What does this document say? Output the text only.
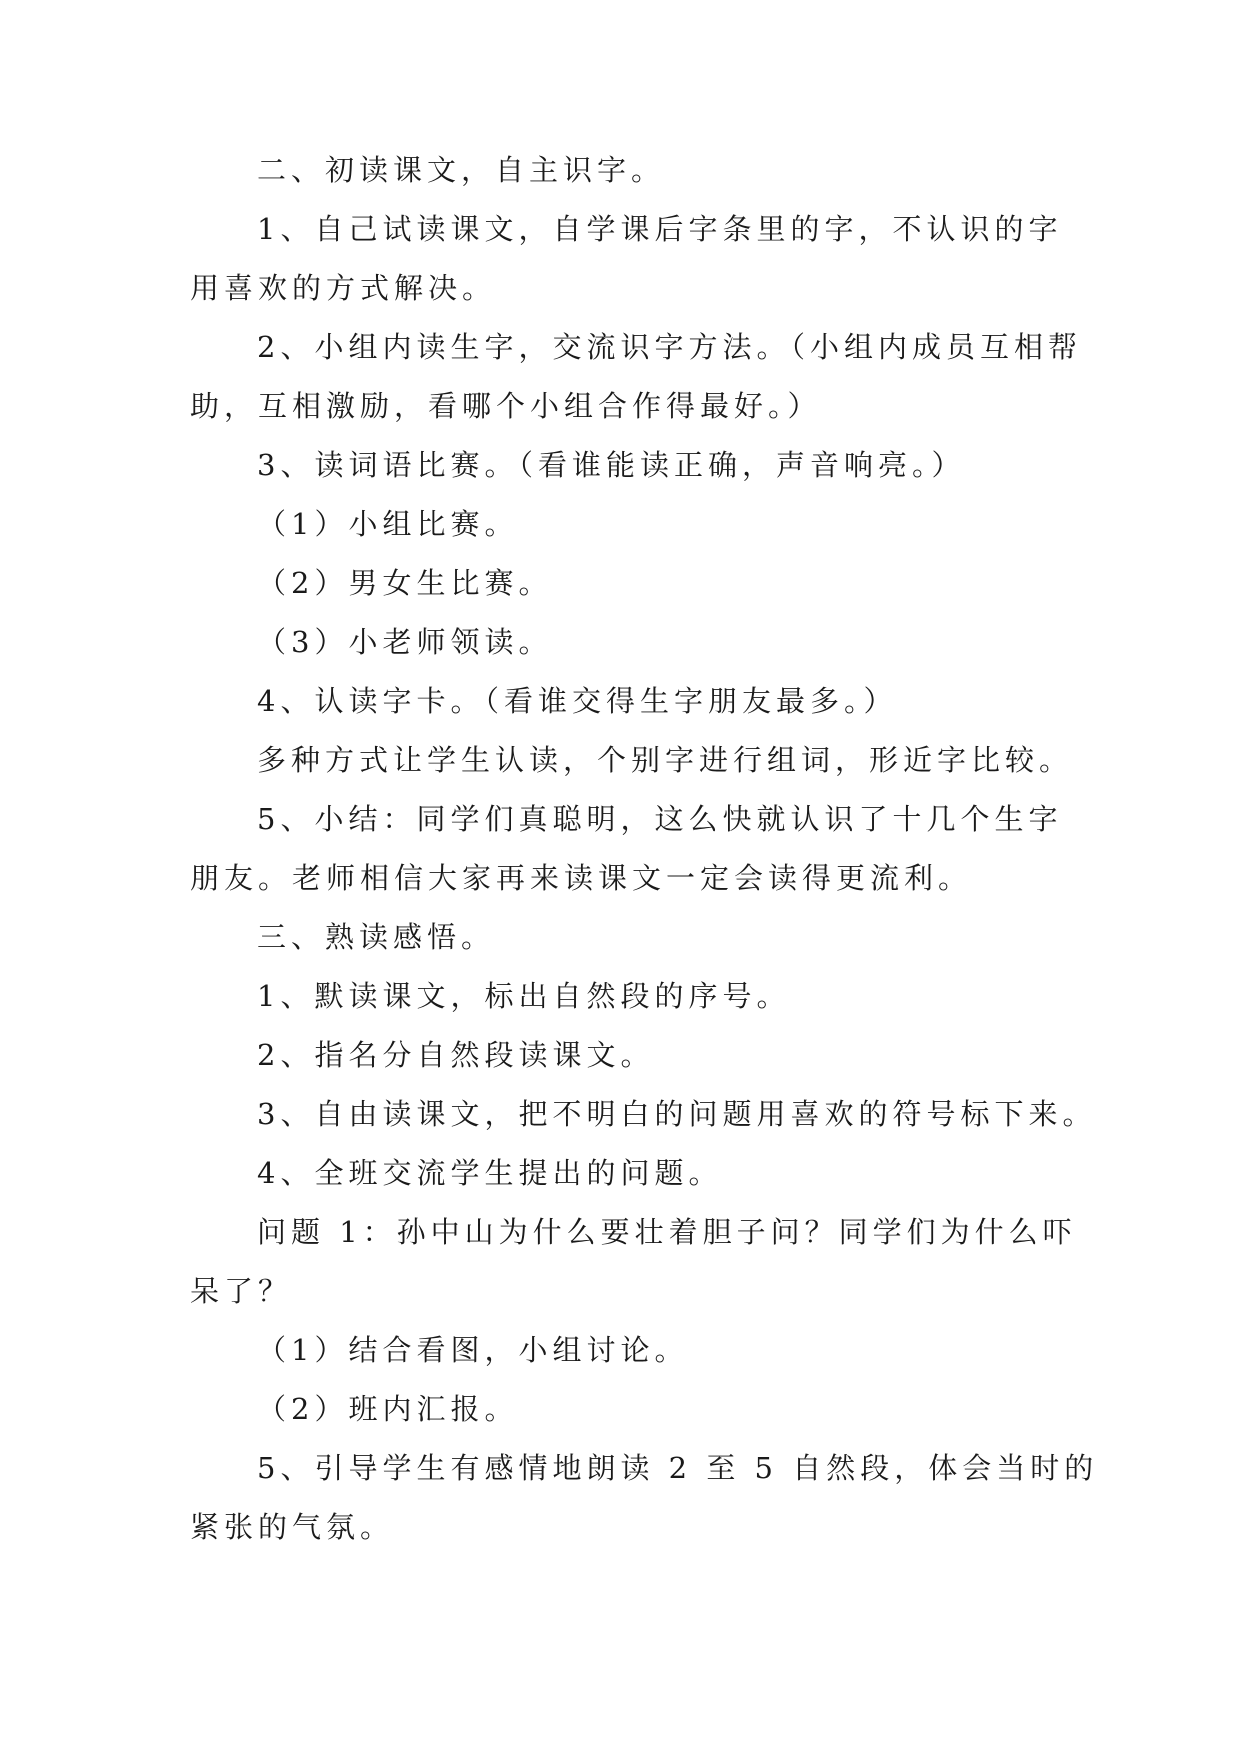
二、初读课文，自主识字。
1、自己试读课文，自学课后字条里的字，不认识的字
用喜欢的方式解决。
2、小组内读生字，交流识字方法。（小组内成员互相帮
助，互相激励，看哪个小组合作得最好。）
3、读词语比赛。（看谁能读正确，声音响亮。）
（1）小组比赛。
（2）男女生比赛。
（3）小老师领读。
4、认读字卡。（看谁交得生字朋友最多。）
多种方式让学生认读，个别字进行组词，形近字比较。
5、小结：同学们真聪明，这么快就认识了十几个生字
朋友。老师相信大家再来读课文一定会读得更流利。
三、熟读感悟。
1、默读课文，标出自然段的序号。
2、指名分自然段读课文。
3、自由读课文，把不明白的问题用喜欢的符号标下来。
4、全班交流学生提出的问题。
问题 1：孙中山为什么要壮着胆子问？同学们为什么吓
呆了？
（1）结合看图，小组讨论。
（2）班内汇报。
5、引导学生有感情地朗读 2 至 5 自然段，体会当时的
紧张的气氛。
